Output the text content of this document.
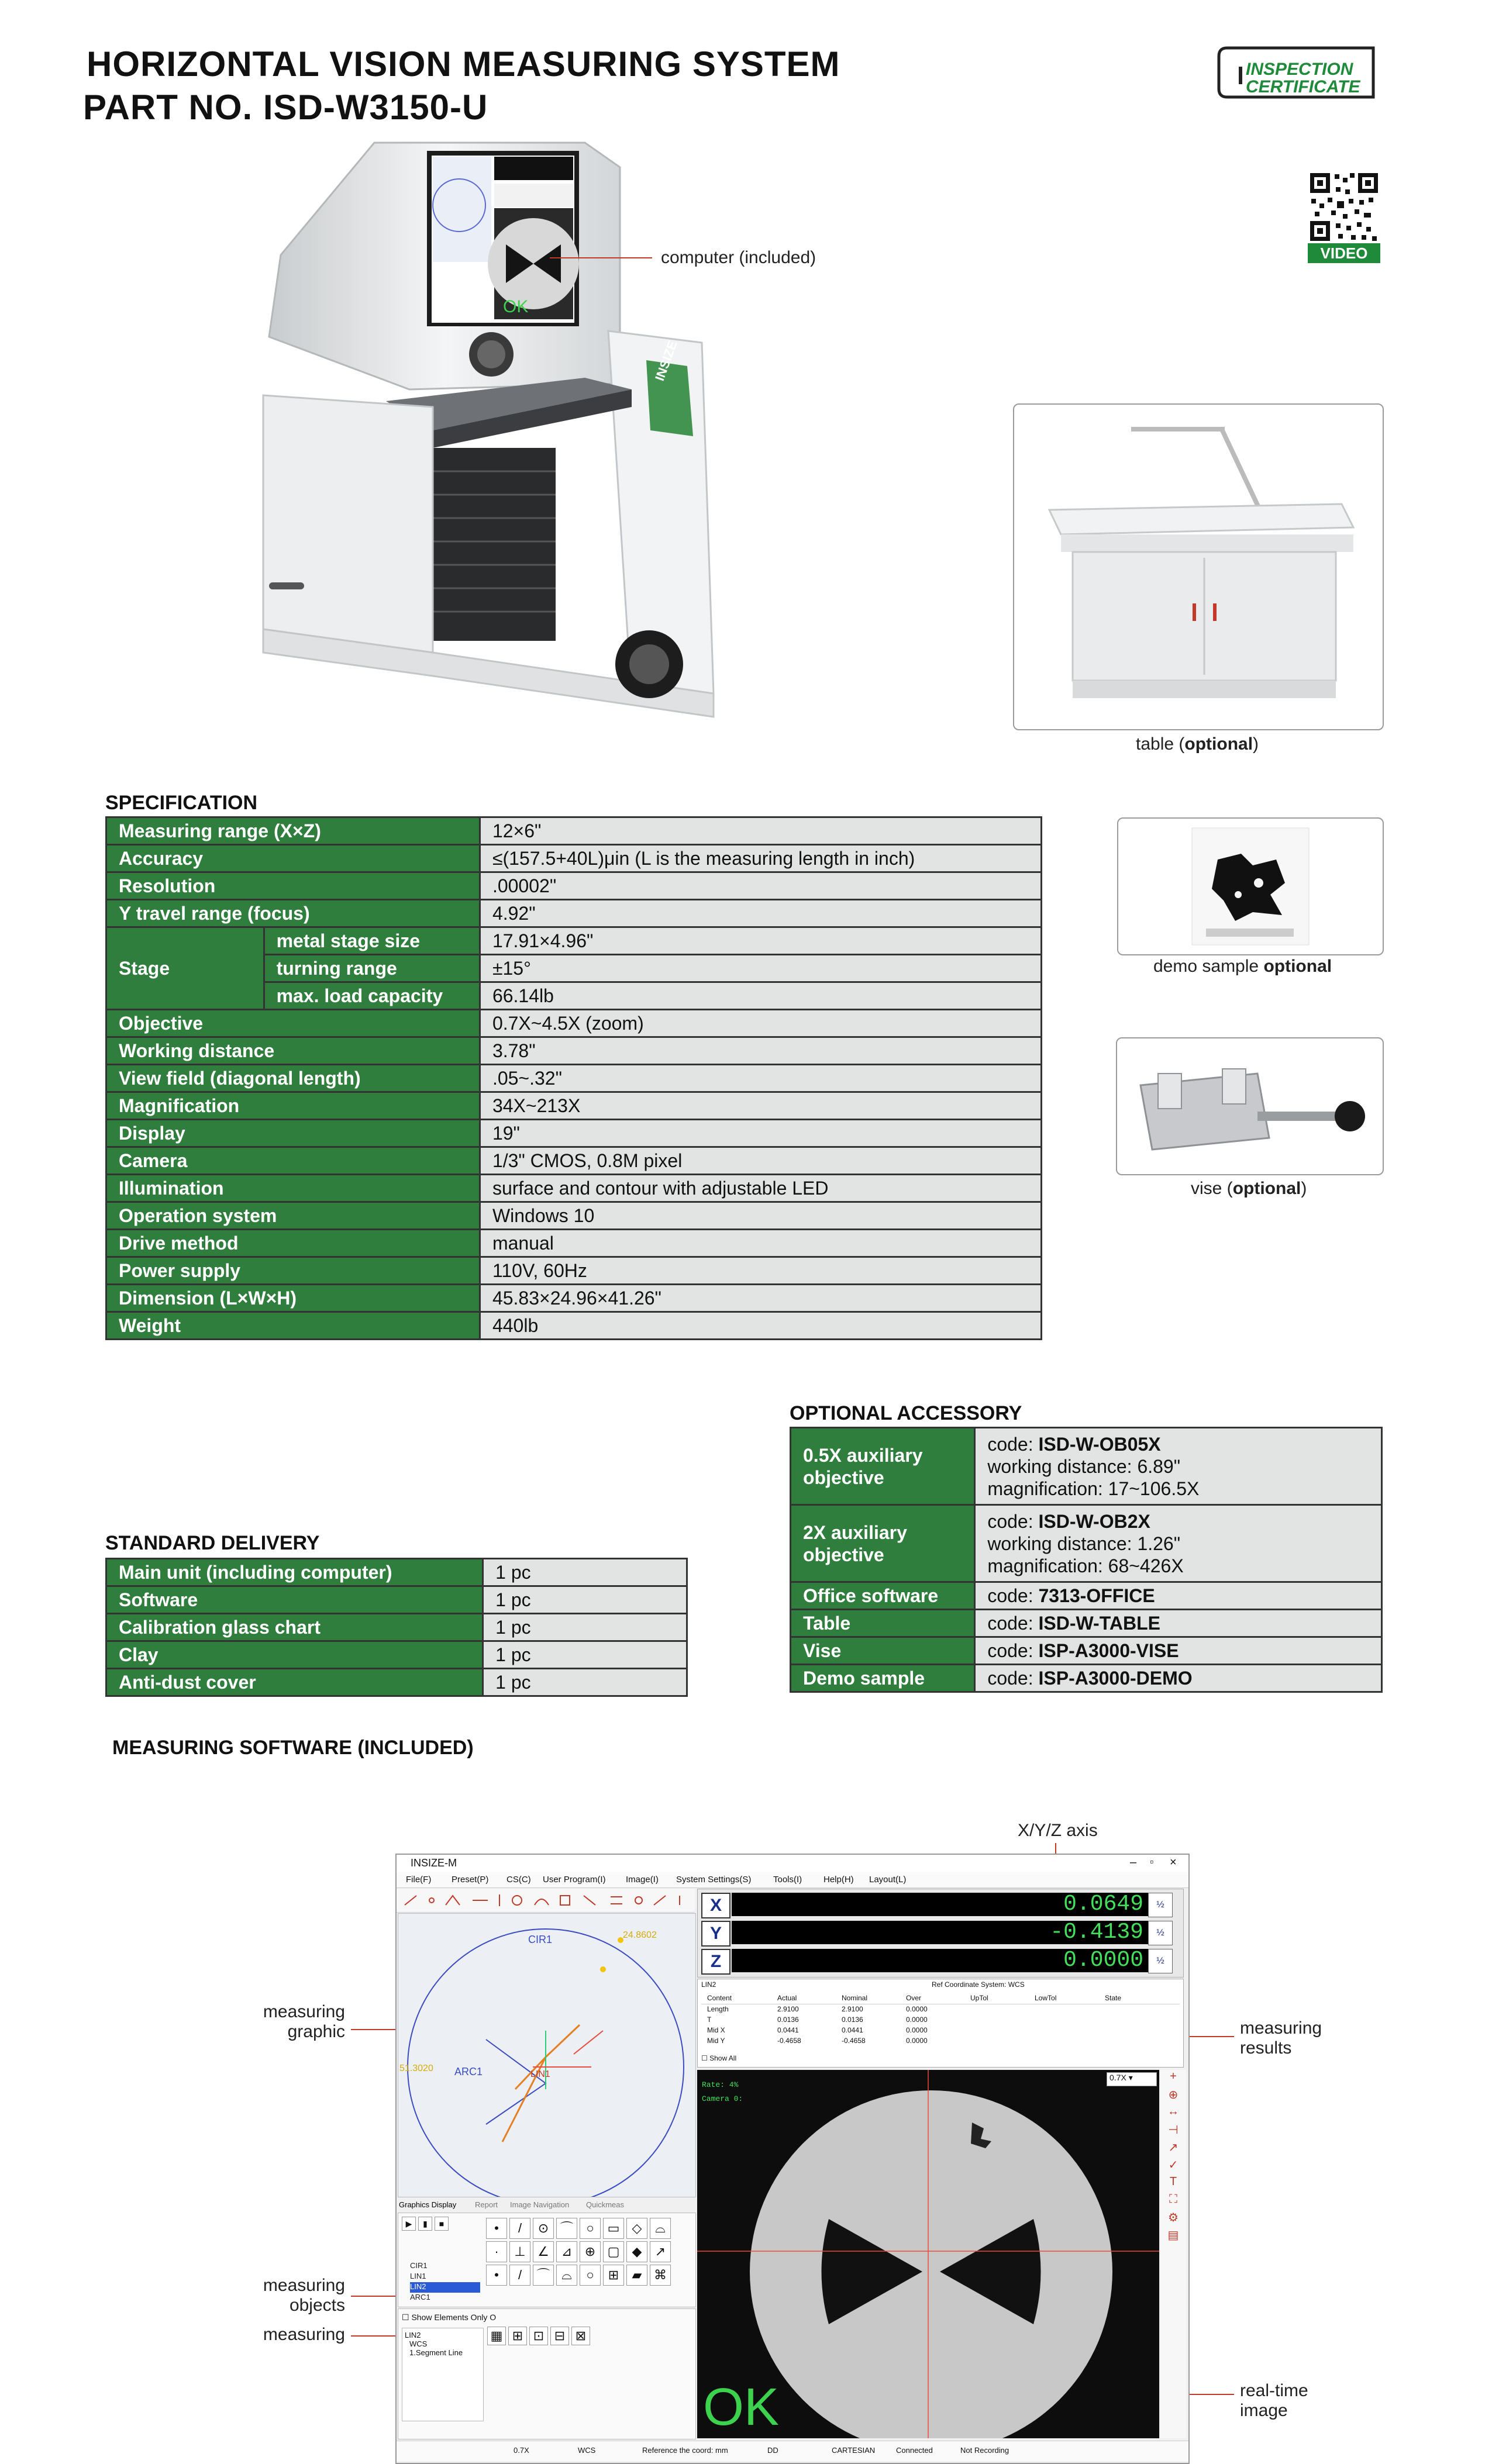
HORIZONTAL VISION MEASURING SYSTEM
PART NO. ISD-W3150-U
INSPECTION
CERTIFICATE
VIDEO
OK
INSIZE
computer (included)
table (optional)
demo sample optional
vise (optional)
SPECIFICATION
Measuring range (X×Z)		12×6"
Accuracy		≤(157.5+40L)μin (L is the measuring length in inch)
Resolution		.00002"
Y travel range (focus)		4.92"
Stage	metal stage size	17.91×4.96"
	turning range	±15°
	max. load capacity	66.14lb
Objective		0.7X~4.5X (zoom)
Working distance		3.78"
View field (diagonal length)		.05~.32"
Magnification		34X~213X
Display		19"
Camera		1/3" CMOS, 0.8M pixel
Illumination		surface and contour with adjustable LED
Operation system		Windows 10
Drive method		manual
Power supply		110V, 60Hz
Dimension (L×W×H)		45.83×24.96×41.26"
Weight		440lb
OPTIONAL ACCESSORY
0.5X auxiliary objective	code: ISD-W-OB05X
working distance: 6.89"
magnification: 17~106.5X
2X auxiliary objective	code: ISD-W-OB2X
working distance: 1.26"
magnification: 68~426X
Office software	code: 7313-OFFICE
Table	code: ISD-W-TABLE
Vise	code: ISP-A3000-VISE
Demo sample	code: ISP-A3000-DEMO
STANDARD DELIVERY
Main unit (including computer)	1 pc
Software	1 pc
Calibration glass chart	1 pc
Clay	1 pc
Anti-dust cover	1 pc
MEASURING SOFTWARE (INCLUDED)
X/Y/Z axis
measuring
graphic	measuring
results
measuring
objects
measuring
real-time
image
INSIZE-M	– ▫ ×
File(F) Preset(P) CS(C) User Program(I) Image(I) System Settings(S)	Tools(I) Help(H) Layout(L)
CIR1
ARC1	LIN1
24.8602
51.3020
Graphics Display Report Image Navigation Quickmeas
▶ ▮ ■
CIR1
LIN1
LIN2
ARC1
• / ⊙ ⌒ ○ ▭ ◇ ⌓· ⊥ ∠ ⊿ ⊕ ▢ ◆ ↗• / ⌒ ⌓ ○ ⊞ ▰ ⌘
☐ Show Elements Only O
LIN2
WCS
1.Segment Line
▦ ⊞ ⊡ ⊟ ⊠
X	0.0649	½
Y	-0.4139	½
Z	0.0000	½
LIN2	Ref Coordinate System: WCS
Content	Actual	Nominal	Over	UpTol	LowTol	State
Length	2.9100	2.9100	0.0000
T	0.0136	0.0136	0.0000
Mid X	0.0441	0.0441	0.0000
Mid Y	-0.4658	-0.4658	0.0000
☐ Show All
Rate: 4%
Camera 0:
0.7X ▾
OK
+
⊕
↔
⊣
↗
✓
T
⛶
⚙
▤
0.7X	WCS	Reference the coord: mm	DD	CARTESIAN	Connected	Not Recording
